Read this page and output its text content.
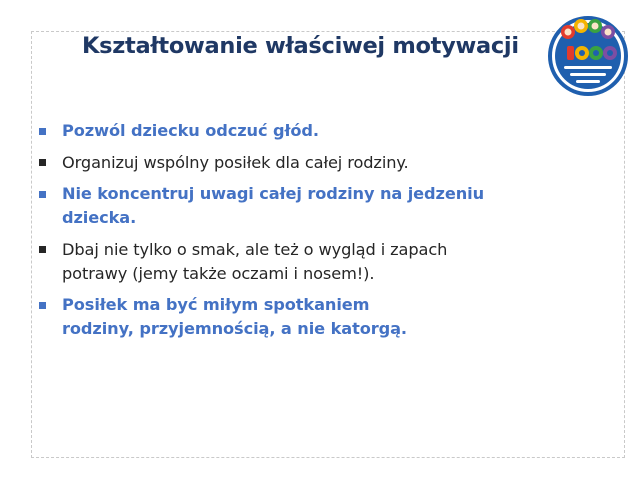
Kształtowanie właściwej motywacji
Pozwól dziecku odczuć głód.
Organizuj wspólny posiłek dla całej rodziny.
Nie koncentruj uwagi całej rodziny na jedzeniu
dziecka.
Dbaj nie tylko o smak, ale też o wygląd i zapach
potrawy (jemy także oczami i nosem!).
Posiłek ma być miłym spotkaniem
rodziny, przyjemnością, a nie katorgą.
